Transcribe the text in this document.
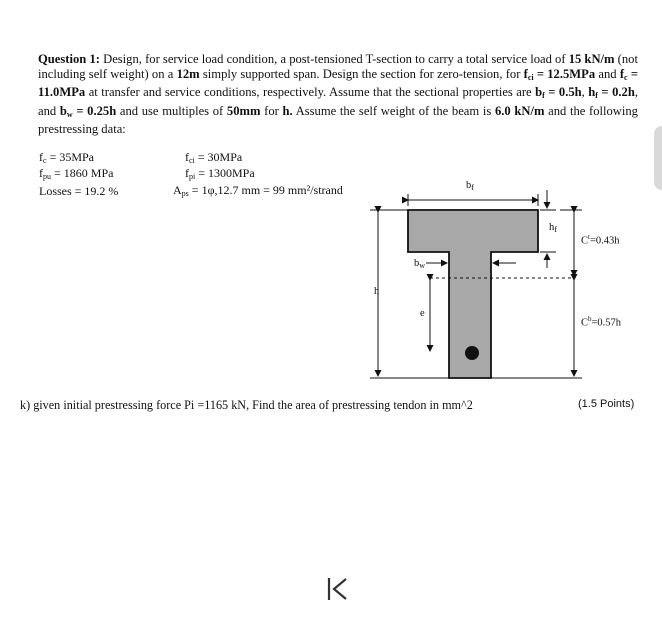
Question 1: Design, for service load condition, a post-tensioned T-section to carry a total service load of 15 kN/m (not including self weight) on a 12m simply supported span. Design the section for zero-tension, for $f_{ci} = 12.5MPa$ and $f_c = 11.0MPa$ at transfer and service conditions, respectively. Assume that the sectional properties are $b_f = 0.5h$, $h_f = 0.2h$, and $b_w = 0.25h$ and use multiples of 50mm for h. Assume the self weight of the beam is 6.0 kN/m and the following prestressing data:
$f_c = 35MPa$
$f_{pu} = 1860$ MPa
Losses = 19.2 %
$f_{ci} = 30MPa$
$f_{pi} = 1300MPa$
$A_{ps} = 1\varphi,12.7$ mm = 99 mm²/strand	$b_f$
$h_f$
$b_w$
h
e
$C^t=0.43h$
$C^b=0.57h$
k) given initial prestressing force Pi =1165 kN, Find the area of prestressing tendon in mm^2	(1.5 Points)
